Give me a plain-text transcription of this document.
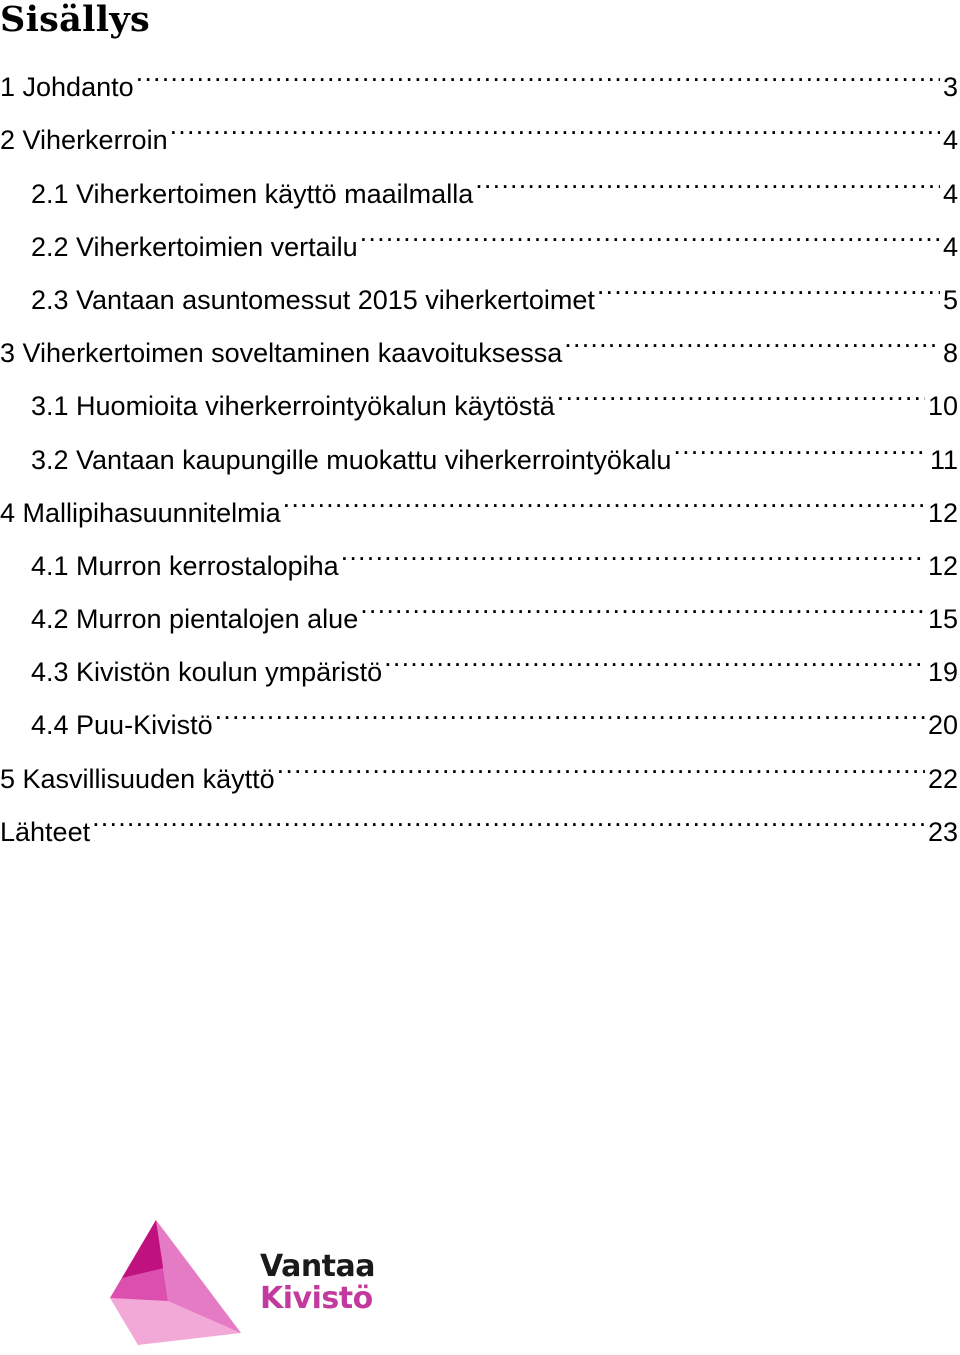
Sisällys
1 Johdanto .....	3
2 Viherkerroin .....	4
2.1 Viherkertoimen käyttö maailmalla .....	4
2.2 Viherkertoimien vertailu .....	4
2.3 Vantaan asuntomessut 2015 viherkertoimet .....	5
3 Viherkertoimen soveltaminen kaavoituksessa .....	8
3.1 Huomioita viherkerrointyökalun käytöstä .....	10
3.2 Vantaan kaupungille muokattu viherkerrointyökalu .....	11
4 Mallipihasuunnitelmia .....	12
4.1 Murron kerrostalopiha .....	12
4.2 Murron pientalojen alue .....	15
4.3 Kivistön koulun ympäristö .....	19
4.4 Puu-Kivistö .....	20
5 Kasvillisuuden käyttö .....	22
Lähteet .....	23
Vantaa
Kivistö
